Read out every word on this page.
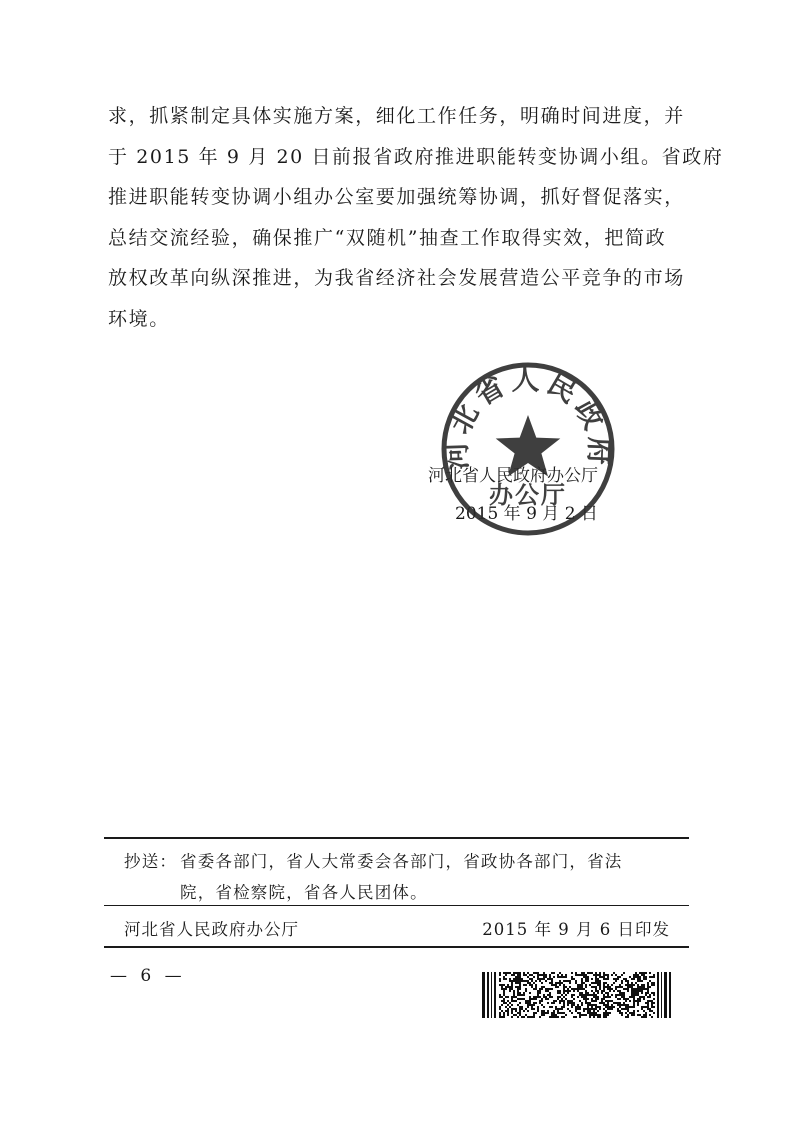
求，抓紧制定具体实施方案，细化工作任务，明确时间进度，并
于 2015 年 9 月 20 日前报省政府推进职能转变协调小组。省政府
推进职能转变协调小组办公室要加强统筹协调，抓好督促落实，
总结交流经验，确保推广“双随机”抽查工作取得实效，把简政
放权改革向纵深推进，为我省经济社会发展营造公平竞争的市场
环境。
河北省人民政府办公厅
2015 年 9 月 2 日
河北省人民政府
办公厅
抄送： 省委各部门，省人大常委会各部门，省政协各部门，省法
院，省检察院，省各人民团体。
河北省人民政府办公厅	2015 年 9 月 6 日印发
— 6 —
